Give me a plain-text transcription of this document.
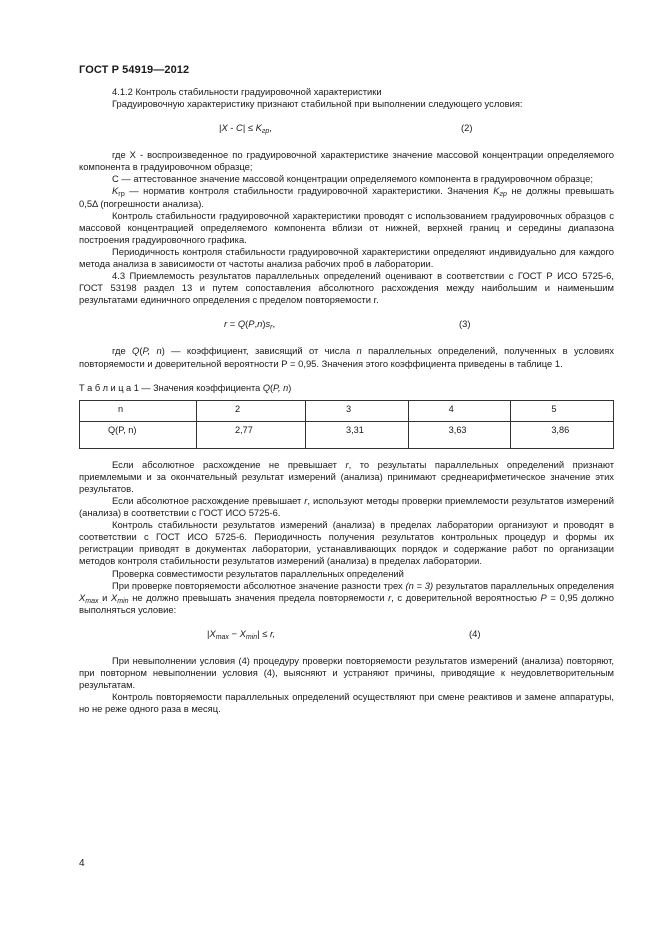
ГОСТ Р 54919—2012

4.1.2 Контроль стабильности градуировочной характеристики

Градуировочную характеристику признают стабильной при выполнении следующего условия:

$|X - C| \le K_{гр}$,	(2)

где X - воспроизведенное по градуировочной характеристике значение массовой концентрации определяемого компонента в градуировочном образце;

С — аттестованное значение массовой концентрации определяемого компонента в градуировочном образце;

$K_{гр}$ — норматив контроля стабильности градуировочной характеристики. Значения $K_{гр}$ не должны превышать 0,5Δ (погрешности анализа).

Контроль стабильности градуировочной характеристики проводят с использованием градуировочных образцов с массовой концентрацией определяемого компонента вблизи от нижней, верхней границ и середины диапазона построения градуировочного графика.

Периодичность контроля стабильности градуировочной характеристики определяют индивидуально для каждого метода анализа в зависимости от частоты анализа рабочих проб в лаборатории.

4.3 Приемлемость результатов параллельных определений оценивают в соответствии с ГОСТ Р ИСО 5725-6, ГОСТ 53198 раздел 13 и путем сопоставления абсолютного расхождения между наибольшим и наименьшим результатами единичного определения с пределом повторяемости r.

$r = Q(P,n)s_r$,	(3)

где Q(P, n) — коэффициент, зависящий от числа n параллельных определений, полученных в условиях повторяемости и доверительной вероятности Р = 0,95. Значения этого коэффициента приведены в таблице 1.

Т а б л и ц а 1 — Значения коэффициента Q(P, n)
n	2	3	4	5
Q(P, n)	2,77	3,31	3,63	3,86

Если абсолютное расхождение не превышает r, то результаты параллельных определений признают приемлемыми и за окончательный результат измерений (анализа) принимают среднеарифметическое значение этих результатов.

Если абсолютное расхождение превышает r, используют методы проверки приемлемости результатов измерений (анализа) в соответствии с ГОСТ ИСО 5725-6.

Контроль стабильности результатов измерений (анализа) в пределах лаборатории организуют и проводят в соответствии с ГОСТ ИСО 5725-6. Периодичность получения результатов контрольных процедур и формы их регистрации приводят в документах лаборатории, устанавливающих порядок и содержание работ по организации методов контроля стабильности результатов измерений (анализа) в пределах лаборатории.

Проверка совместимости результатов параллельных определений

При проверке повторяемости абсолютное значение разности трех (n = 3) результатов параллельных определения $X_{max}$ и $X_{min}$ не должно превышать значения предела повторяемости r, с доверительной вероятностью P = 0,95 должно выполняться условие:

$|X_{max} - X_{min}| \le r$,	(4)

При невыполнении условия (4) процедуру проверки повторяемости результатов измерений (анализа) повторяют, при повторном невыполнении условия (4), выясняют и устраняют причины, приводящие к неудовлетворительным результатам.

Контроль повторяемости параллельных определений осуществляют при смене реактивов и замене аппаратуры, но не реже одного раза в месяц.

4
